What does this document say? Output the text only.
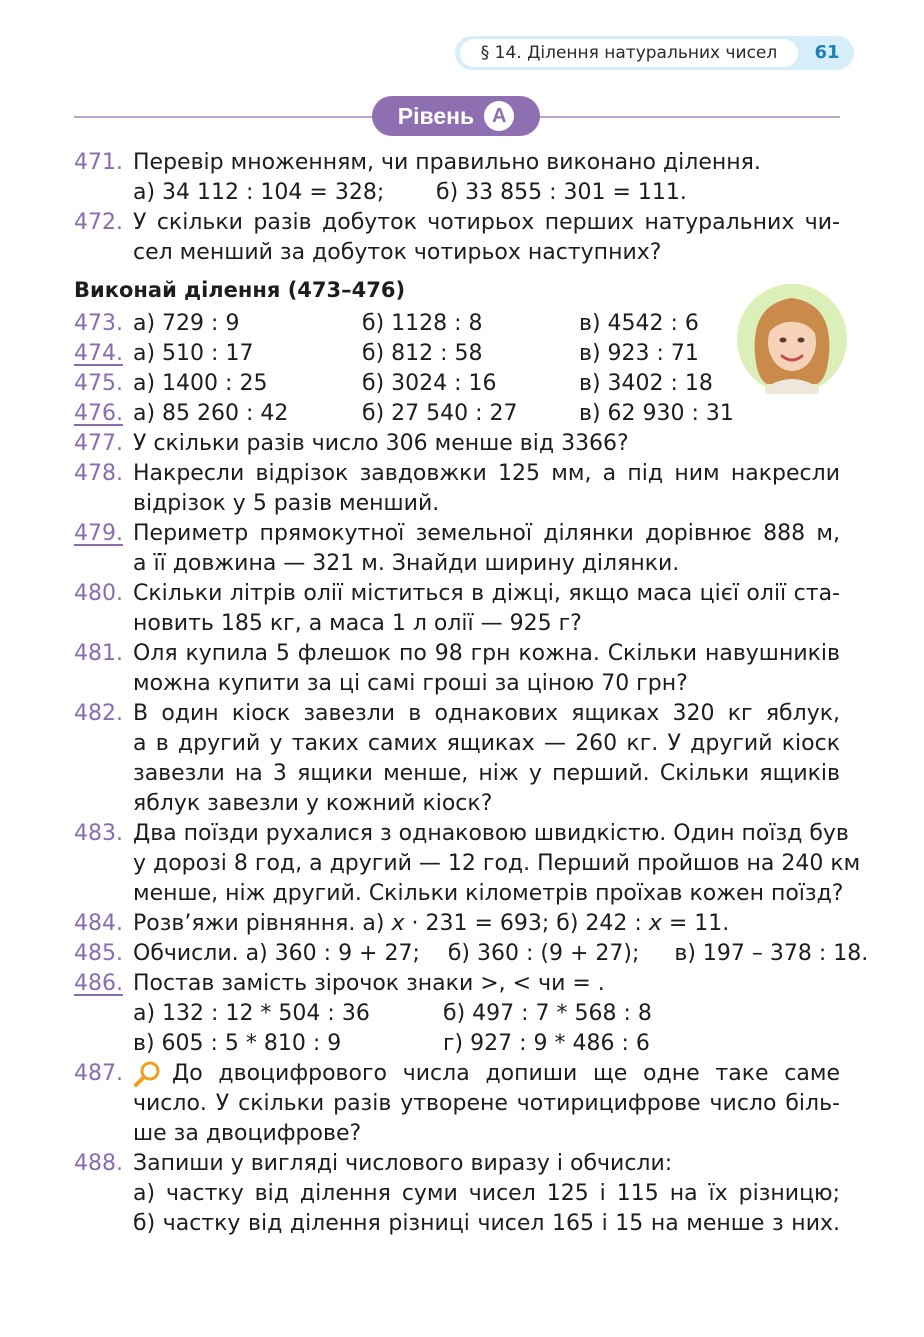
§ 14. Ділення натуральних чисел	61
Рівень А
471. Перевір множенням, чи правильно виконано ділення.
а) 34 112 : 104 = 328; б) 33 855 : 301 = 111.
472. У скільки разів добуток чотирьох перших натуральних чи-
сел менший за добуток чотирьох наступних?
Виконай ділення (473–476)
473. а) 729 : 9	б) 1128 : 8	в) 4542 : 6
474. а) 510 : 17	б) 812 : 58	в) 923 : 71
475. а) 1400 : 25	б) 3024 : 16	в) 3402 : 18
476. а) 85 260 : 42	б) 27 540 : 27	в) 62 930 : 31
477. У скільки разів число 306 менше від 3366?
478. Накресли відрізок завдовжки 125 мм, а під ним накресли
відрізок у 5 разів менший.
479. Периметр прямокутної земельної ділянки дорівнює 888 м,
а її довжина — 321 м. Знайди ширину ділянки.
480. Скільки літрів олії міститься в діжці, якщо маса цієї олії ста-
новить 185 кг, а маса 1 л олії — 925 г?
481. Оля купила 5 флешок по 98 грн кожна. Скільки навушників
можна купити за ці самі гроші за ціною 70 грн?
482. В один кіоск завезли в однакових ящиках 320 кг яблук,
а в другий у таких самих ящиках — 260 кг. У другий кіоск
завезли на 3 ящики менше, ніж у перший. Скільки ящиків
яблук завезли у кожний кіоск?
483. Два поїзди рухалися з однаковою швидкістю. Один поїзд був
у дорозі 8 год, а другий — 12 год. Перший пройшов на 240 км
менше, ніж другий. Скільки кілометрів проїхав кожен поїзд?
484. Розв’яжи рівняння. а) x · 231 = 693; б) 242 : x = 11.
485. Обчисли. а) 360 : 9 + 27;    б) 360 : (9 + 27);     в) 197 – 378 : 18.
486. Постав замість зірочок знаки >, < чи = .
а) 132 : 12 * 504 : 36	б) 497 : 7 * 568 : 8
в) 605 : 5 * 810 : 9	г) 927 : 9 * 486 : 6
487. До двоцифрового числа допиши ще одне таке саме
число. У скільки разів утворене чотирицифрове число біль-
ше за двоцифрове?
488. Запиши у вигляді числового виразу і обчисли:
а) частку від ділення суми чисел 125 і 115 на їх різницю;
б) частку від ділення різниці чисел 165 і 15 на менше з них.
